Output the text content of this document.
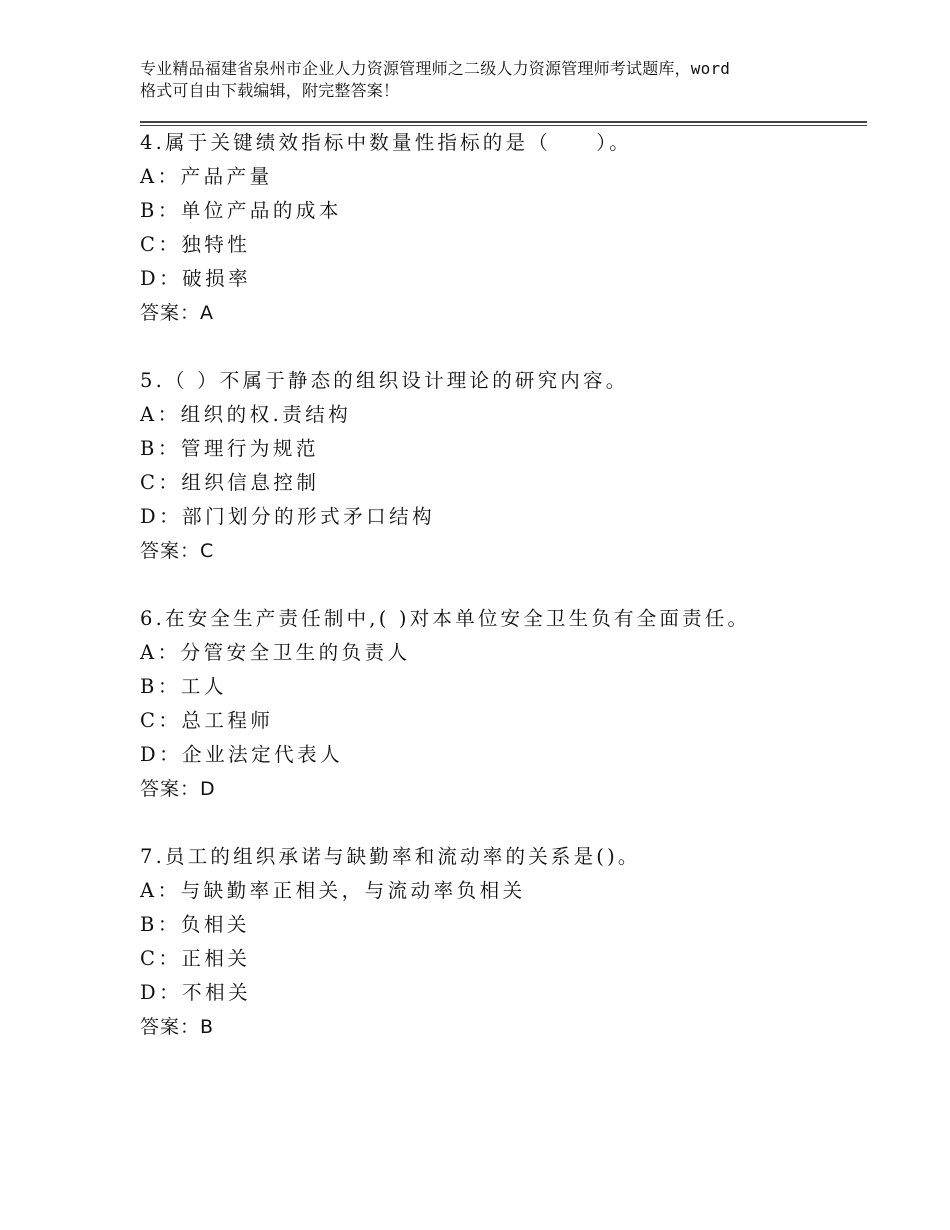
专业精品福建省泉州市企业人力资源管理师之二级人力资源管理师考试题库，word
格式可自由下载编辑，附完整答案！
4.属于关键绩效指标中数量性指标的是（　　）。
A：产品产量
B：单位产品的成本
C：独特性
D：破损率
答案：A
5.（ ）不属于静态的组织设计理论的研究内容。
A：组织的权.责结构
B：管理行为规范
C：组织信息控制
D：部门划分的形式矛口结构
答案：C
6.在安全生产责任制中,( )对本单位安全卫生负有全面责任。
A：分管安全卫生的负责人
B：工人
C：总工程师
D：企业法定代表人
答案：D
7.员工的组织承诺与缺勤率和流动率的关系是()。
A：与缺勤率正相关，与流动率负相关
B：负相关
C：正相关
D：不相关
答案：B
